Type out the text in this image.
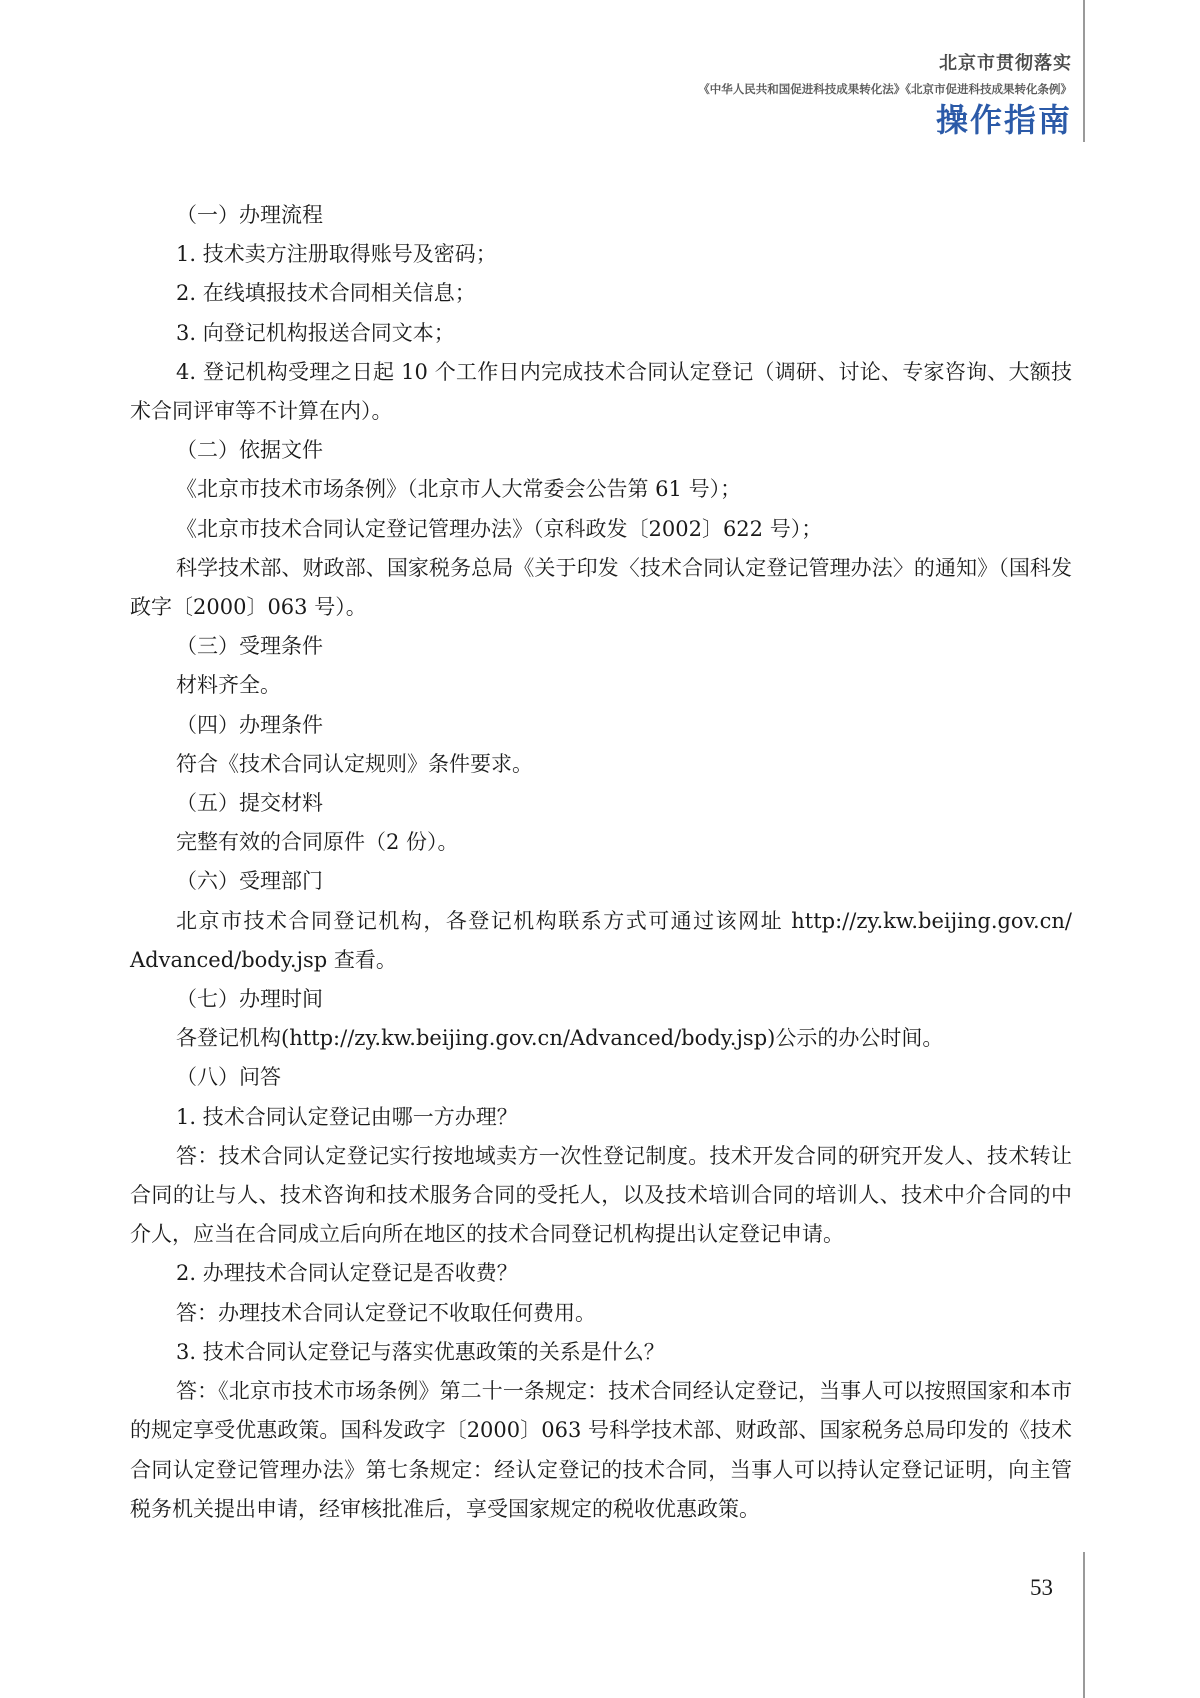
北京市贯彻落实
《中华人民共和国促进科技成果转化法》《北京市促进科技成果转化条例》
操作指南

（一）办理流程

1. 技术卖方注册取得账号及密码；

2. 在线填报技术合同相关信息；

3. 向登记机构报送合同文本；

4. 登记机构受理之日起 10 个工作日内完成技术合同认定登记（调研、讨论、专家咨询、大额技术合同评审等不计算在内）。

（二）依据文件

《北京市技术市场条例》（北京市人大常委会公告第 61 号）；

《北京市技术合同认定登记管理办法》（京科政发〔2002〕622 号）；

科学技术部、财政部、国家税务总局《关于印发〈技术合同认定登记管理办法〉的通知》（国科发政字〔2000〕063 号）。

（三）受理条件

材料齐全。

（四）办理条件

符合《技术合同认定规则》条件要求。

（五）提交材料

完整有效的合同原件（2 份）。

（六）受理部门

北京市技术合同登记机构，各登记机构联系方式可通过该网址 http://zy.kw.beijing.gov.cn/ Advanced/body.jsp 查看。

（七）办理时间

各登记机构(http://zy.kw.beijing.gov.cn/Advanced/body.jsp)公示的办公时间。

（八）问答

1. 技术合同认定登记由哪一方办理？

答：技术合同认定登记实行按地域卖方一次性登记制度。技术开发合同的研究开发人、技术转让合同的让与人、技术咨询和技术服务合同的受托人，以及技术培训合同的培训人、技术中介合同的中介人，应当在合同成立后向所在地区的技术合同登记机构提出认定登记申请。

2. 办理技术合同认定登记是否收费？

答：办理技术合同认定登记不收取任何费用。

3. 技术合同认定登记与落实优惠政策的关系是什么？

答：《北京市技术市场条例》第二十一条规定：技术合同经认定登记，当事人可以按照国家和本市的规定享受优惠政策。国科发政字〔2000〕063 号科学技术部、财政部、国家税务总局印发的《技术合同认定登记管理办法》第七条规定：经认定登记的技术合同，当事人可以持认定登记证明，向主管税务机关提出申请，经审核批准后，享受国家规定的税收优惠政策。

53
